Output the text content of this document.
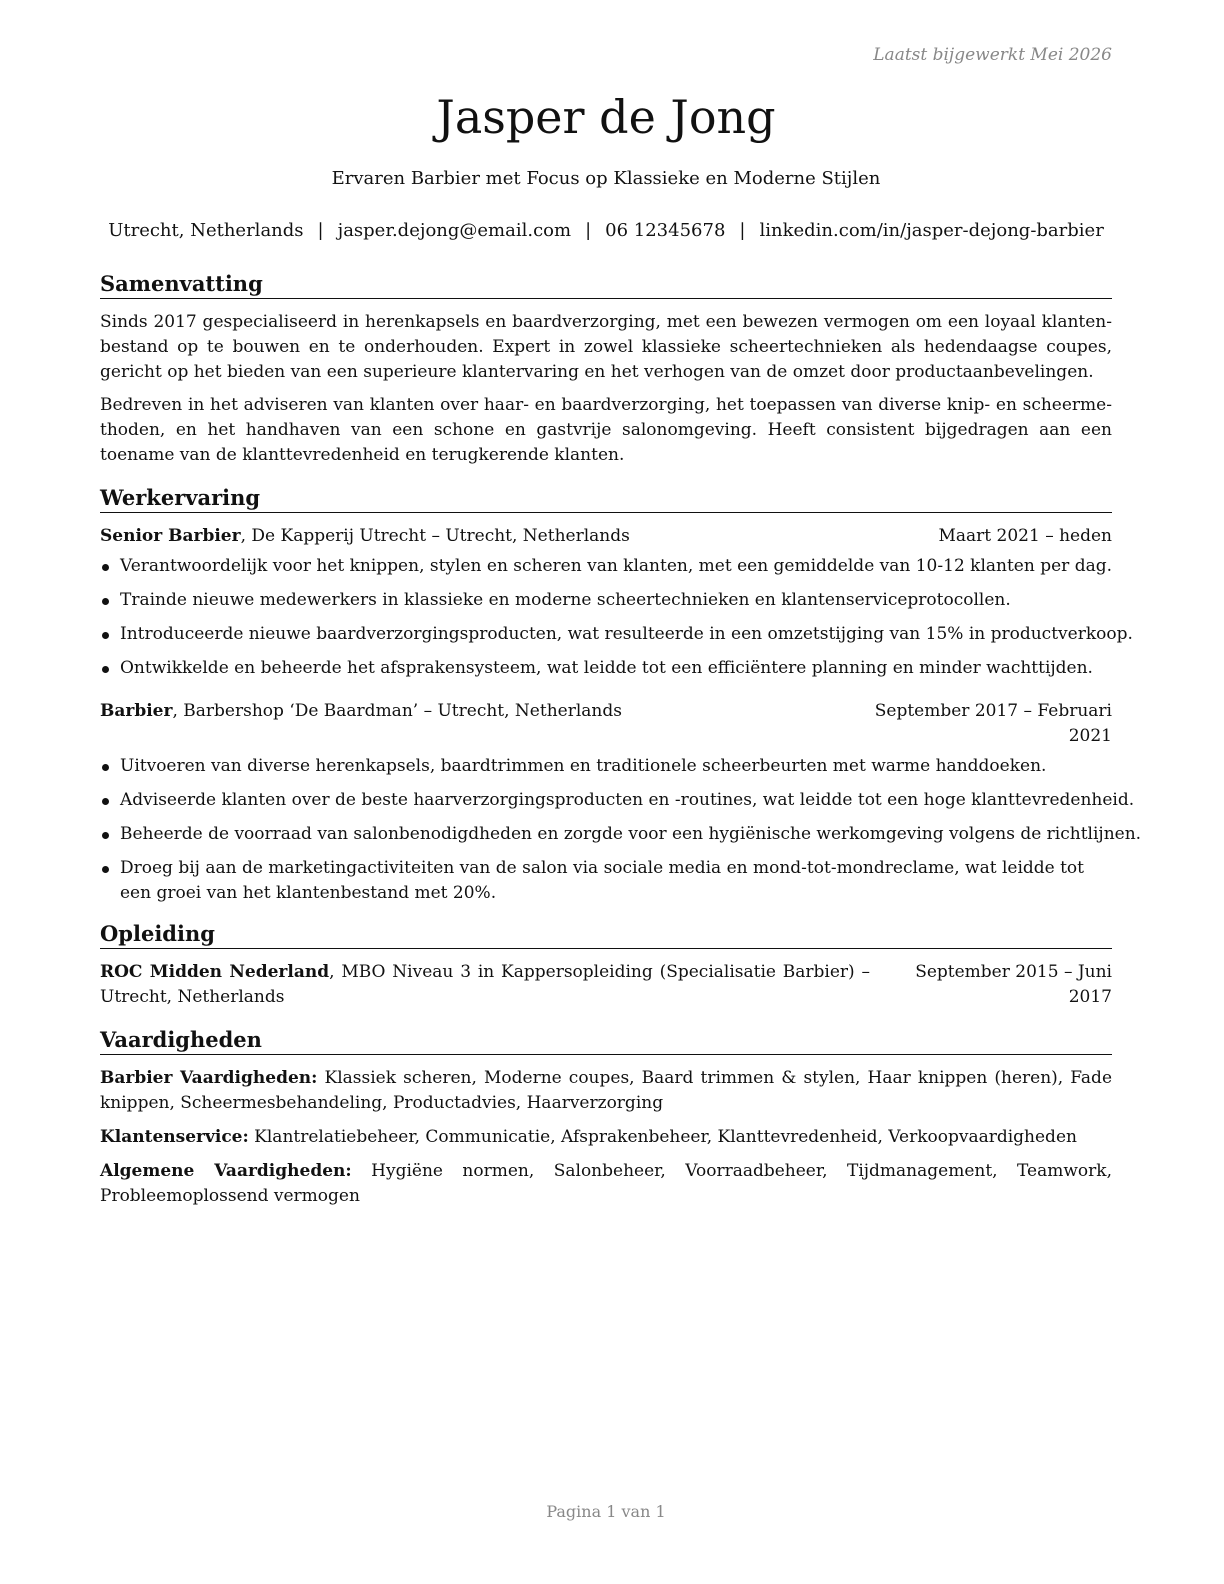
Laatst bijgewerkt Mei 2026
Jasper de Jong
Ervaren Barbier met Focus op Klassieke en Moderne Stijlen
Utrecht, Netherlands | jasper.dejong@email.com | 06 12345678 | linkedin.com/in/jasper-dejong-barbier
Samenvatting

Sinds 2017 gespecialiseerd in herenkapsels en baardverzorging, met een bewezen vermogen om een loyaal klantenbestand op te bouwen en te onderhouden. Expert in zowel klassieke scheertechnieken als hedendaagse coupes, gericht op het bieden van een superieure klantervaring en het verhogen van de omzet door productaanbevelingen.

Bedreven in het adviseren van klanten over haar- en baardverzorging, het toepassen van diverse knip- en scheermethoden, en het handhaven van een schone en gastvrije salonomgeving. Heeft consistent bijgedragen aan een toename van de klanttevredenheid en terugkerende klanten.

Werkervaring
Senior Barbier, De Kapperij Utrecht – Utrecht, Netherlands	Maart 2021 – heden
Verantwoordelijk voor het knippen, stylen en scheren van klanten, met een gemiddelde van 10-12 klanten per dag.
Trainde nieuwe medewerkers in klassieke en moderne scheertechnieken en klantenserviceprotocollen.
Introduceerde nieuwe baardverzorgingsproducten, wat resulteerde in een omzetstijging van 15% in productverkoop.
Ontwikkelde en beheerde het afsprakensysteem, wat leidde tot een efficiëntere planning en minder wachttijden.
Barbier, Barbershop ‘De Baardman’ – Utrecht, Netherlands	September 2017 – Februari 2021
Uitvoeren van diverse herenkapsels, baardtrimmen en traditionele scheerbeurten met warme handdoeken.
Adviseerde klanten over de beste haarverzorgingsproducten en -routines, wat leidde tot een hoge klanttevredenheid.
Beheerde de voorraad van salonbenodigdheden en zorgde voor een hygiënische werkomgeving volgens de richtlijnen.
Droeg bij aan de marketingactiviteiten van de salon via sociale media en mond-tot-mondreclame, wat leidde tot een groei van het klantenbestand met 20%.
Opleiding
ROC Midden Nederland, MBO Niveau 3 in Kappersopleiding (Specialisatie Barbier) – Utrecht, Netherlands
September 2015 – Juni 2017
Vaardigheden

Barbier Vaardigheden: Klassiek scheren, Moderne coupes, Baard trimmen & stylen, Haar knippen (heren), Fade knippen, Scheermesbehandeling, Productadvies, Haarverzorging

Klantenservice: Klantrelatiebeheer, Communicatie, Afsprakenbeheer, Klanttevredenheid, Verkoopvaardigheden

Algemene Vaardigheden: Hygiëne normen, Salonbeheer, Voorraadbeheer, Tijdmanagement, Teamwork, Probleemoplossend vermogen

Pagina 1 van 1
